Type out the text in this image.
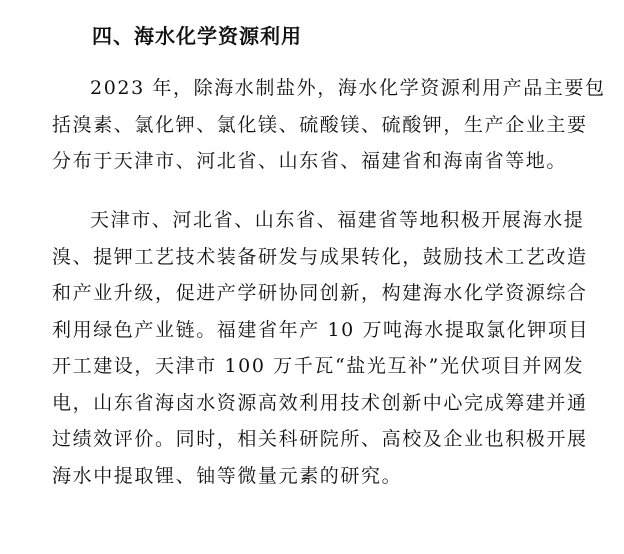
四、海水化学资源利用
2023 年，除海水制盐外，海水化学资源利用产品主要包
括溴素、氯化钾、氯化镁、硫酸镁、硫酸钾，生产企业主要
分布于天津市、河北省、山东省、福建省和海南省等地。
天津市、河北省、山东省、福建省等地积极开展海水提
溴、提钾工艺技术装备研发与成果转化，鼓励技术工艺改造
和产业升级，促进产学研协同创新，构建海水化学资源综合
利用绿色产业链。福建省年产 10 万吨海水提取氯化钾项目
开工建设，天津市 100 万千瓦“盐光互补”光伏项目并网发
电，山东省海卤水资源高效利用技术创新中心完成筹建并通
过绩效评价。同时，相关科研院所、高校及企业也积极开展
海水中提取锂、铀等微量元素的研究。
